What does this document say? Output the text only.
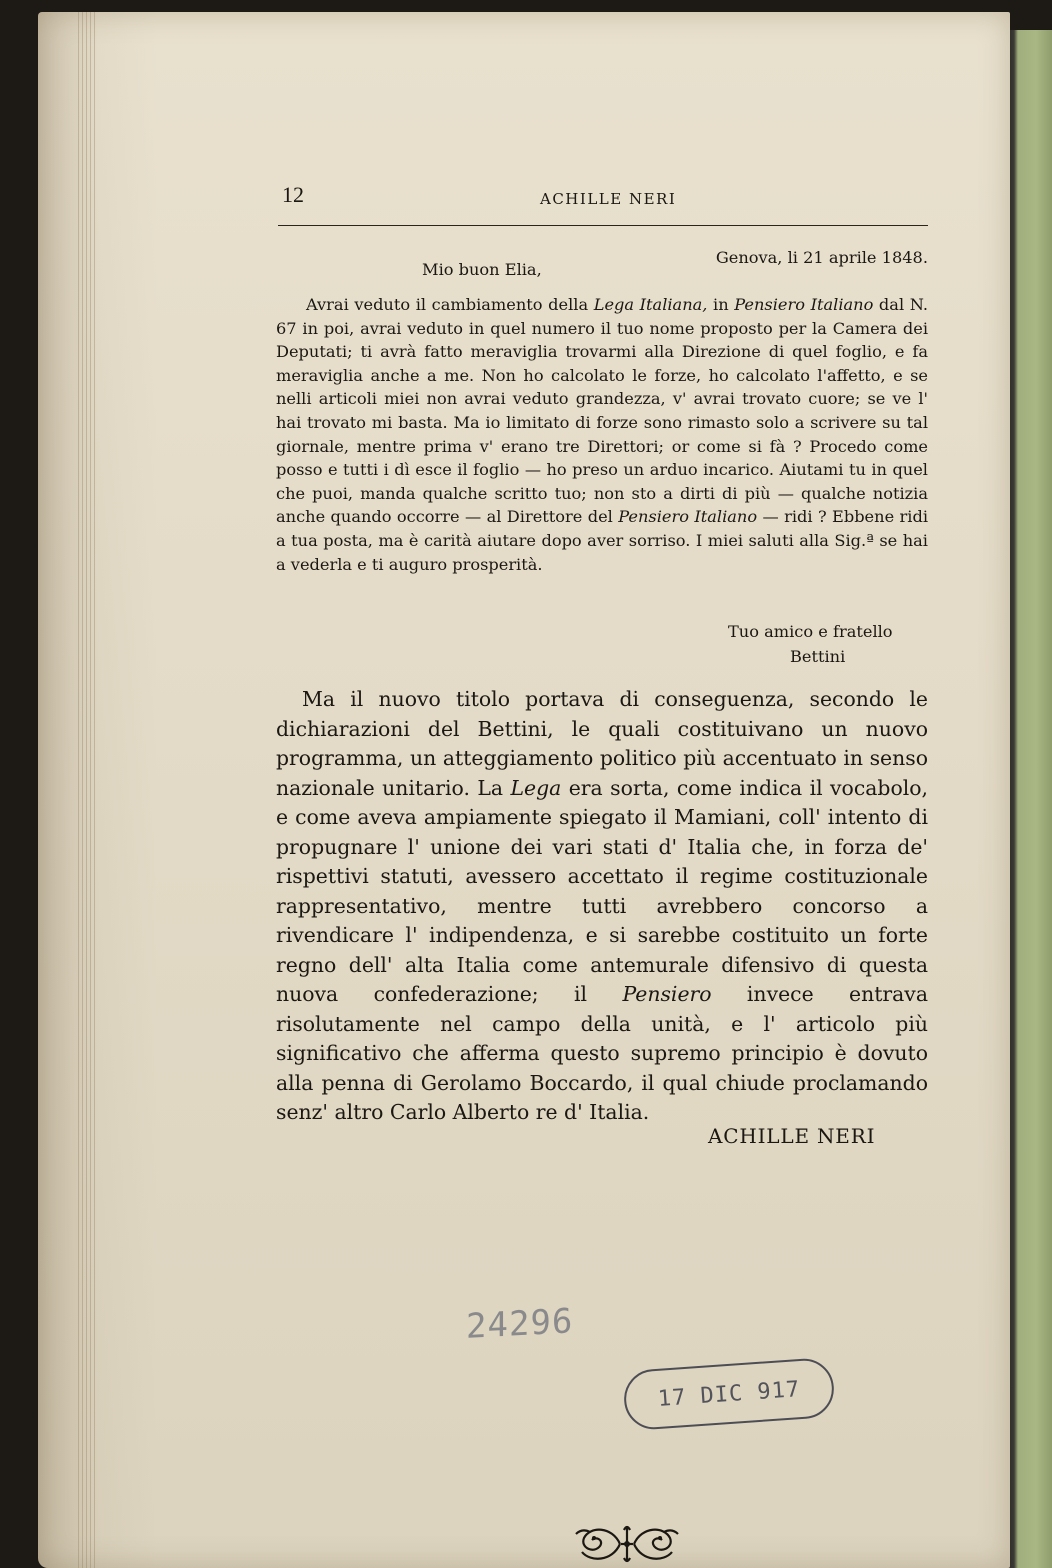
12	ACHILLE NERI
Genova, li 21 aprile 1848.
Mio buon Elia,
Avrai veduto il cambiamento della Lega Italiana, in Pensiero Italiano dal N. 67 in poi, avrai veduto in quel numero il tuo nome proposto per la Camera dei Deputati; ti avrà fatto meraviglia trovarmi alla Direzione di quel foglio, e fa meraviglia anche a me. Non ho calcolato le forze, ho calcolato l'affetto, e se nelli articoli miei non avrai veduto grandezza, v' avrai trovato cuore; se ve l' hai trovato mi basta. Ma io limitato di forze sono rimasto solo a scrivere su tal giornale, mentre prima v' erano tre Direttori; or come si fà ? Procedo come posso e tutti i dì esce il foglio — ho preso un arduo incarico. Aiutami tu in quel che puoi, manda qualche scritto tuo; non sto a dirti di più — qualche notizia anche quando occorre — al Direttore del Pensiero Italiano — ridi ? Ebbene ridi a tua posta, ma è carità aiutare dopo aver sorriso. I miei saluti alla Sig.ª se hai a vederla e ti auguro prosperità.
Tuo amico e fratello
Bettini
Ma il nuovo titolo portava di conseguenza, secondo le dichiarazioni del Bettini, le quali costituivano un nuovo programma, un atteggiamento politico più accentuato in senso nazionale unitario. La Lega era sorta, come indica il vocabolo, e come aveva ampiamente spiegato il Mamiani, coll' intento di propugnare l' unione dei vari stati d' Italia che, in forza de' rispettivi statuti, avessero accettato il regime costituzionale rappresentativo, mentre tutti avrebbero concorso a rivendicare l' indipendenza, e si sarebbe costituito un forte regno dell' alta Italia come antemurale difensivo di questa nuova confederazione; il Pensiero invece entrava risolutamente nel campo della unità, e l' articolo più significativo che afferma questo supremo principio è dovuto alla penna di Gerolamo Boccardo, il qual chiude proclamando senz' altro Carlo Alberto re d' Italia.
ACHILLE NERI
24296
17 DIC 917
